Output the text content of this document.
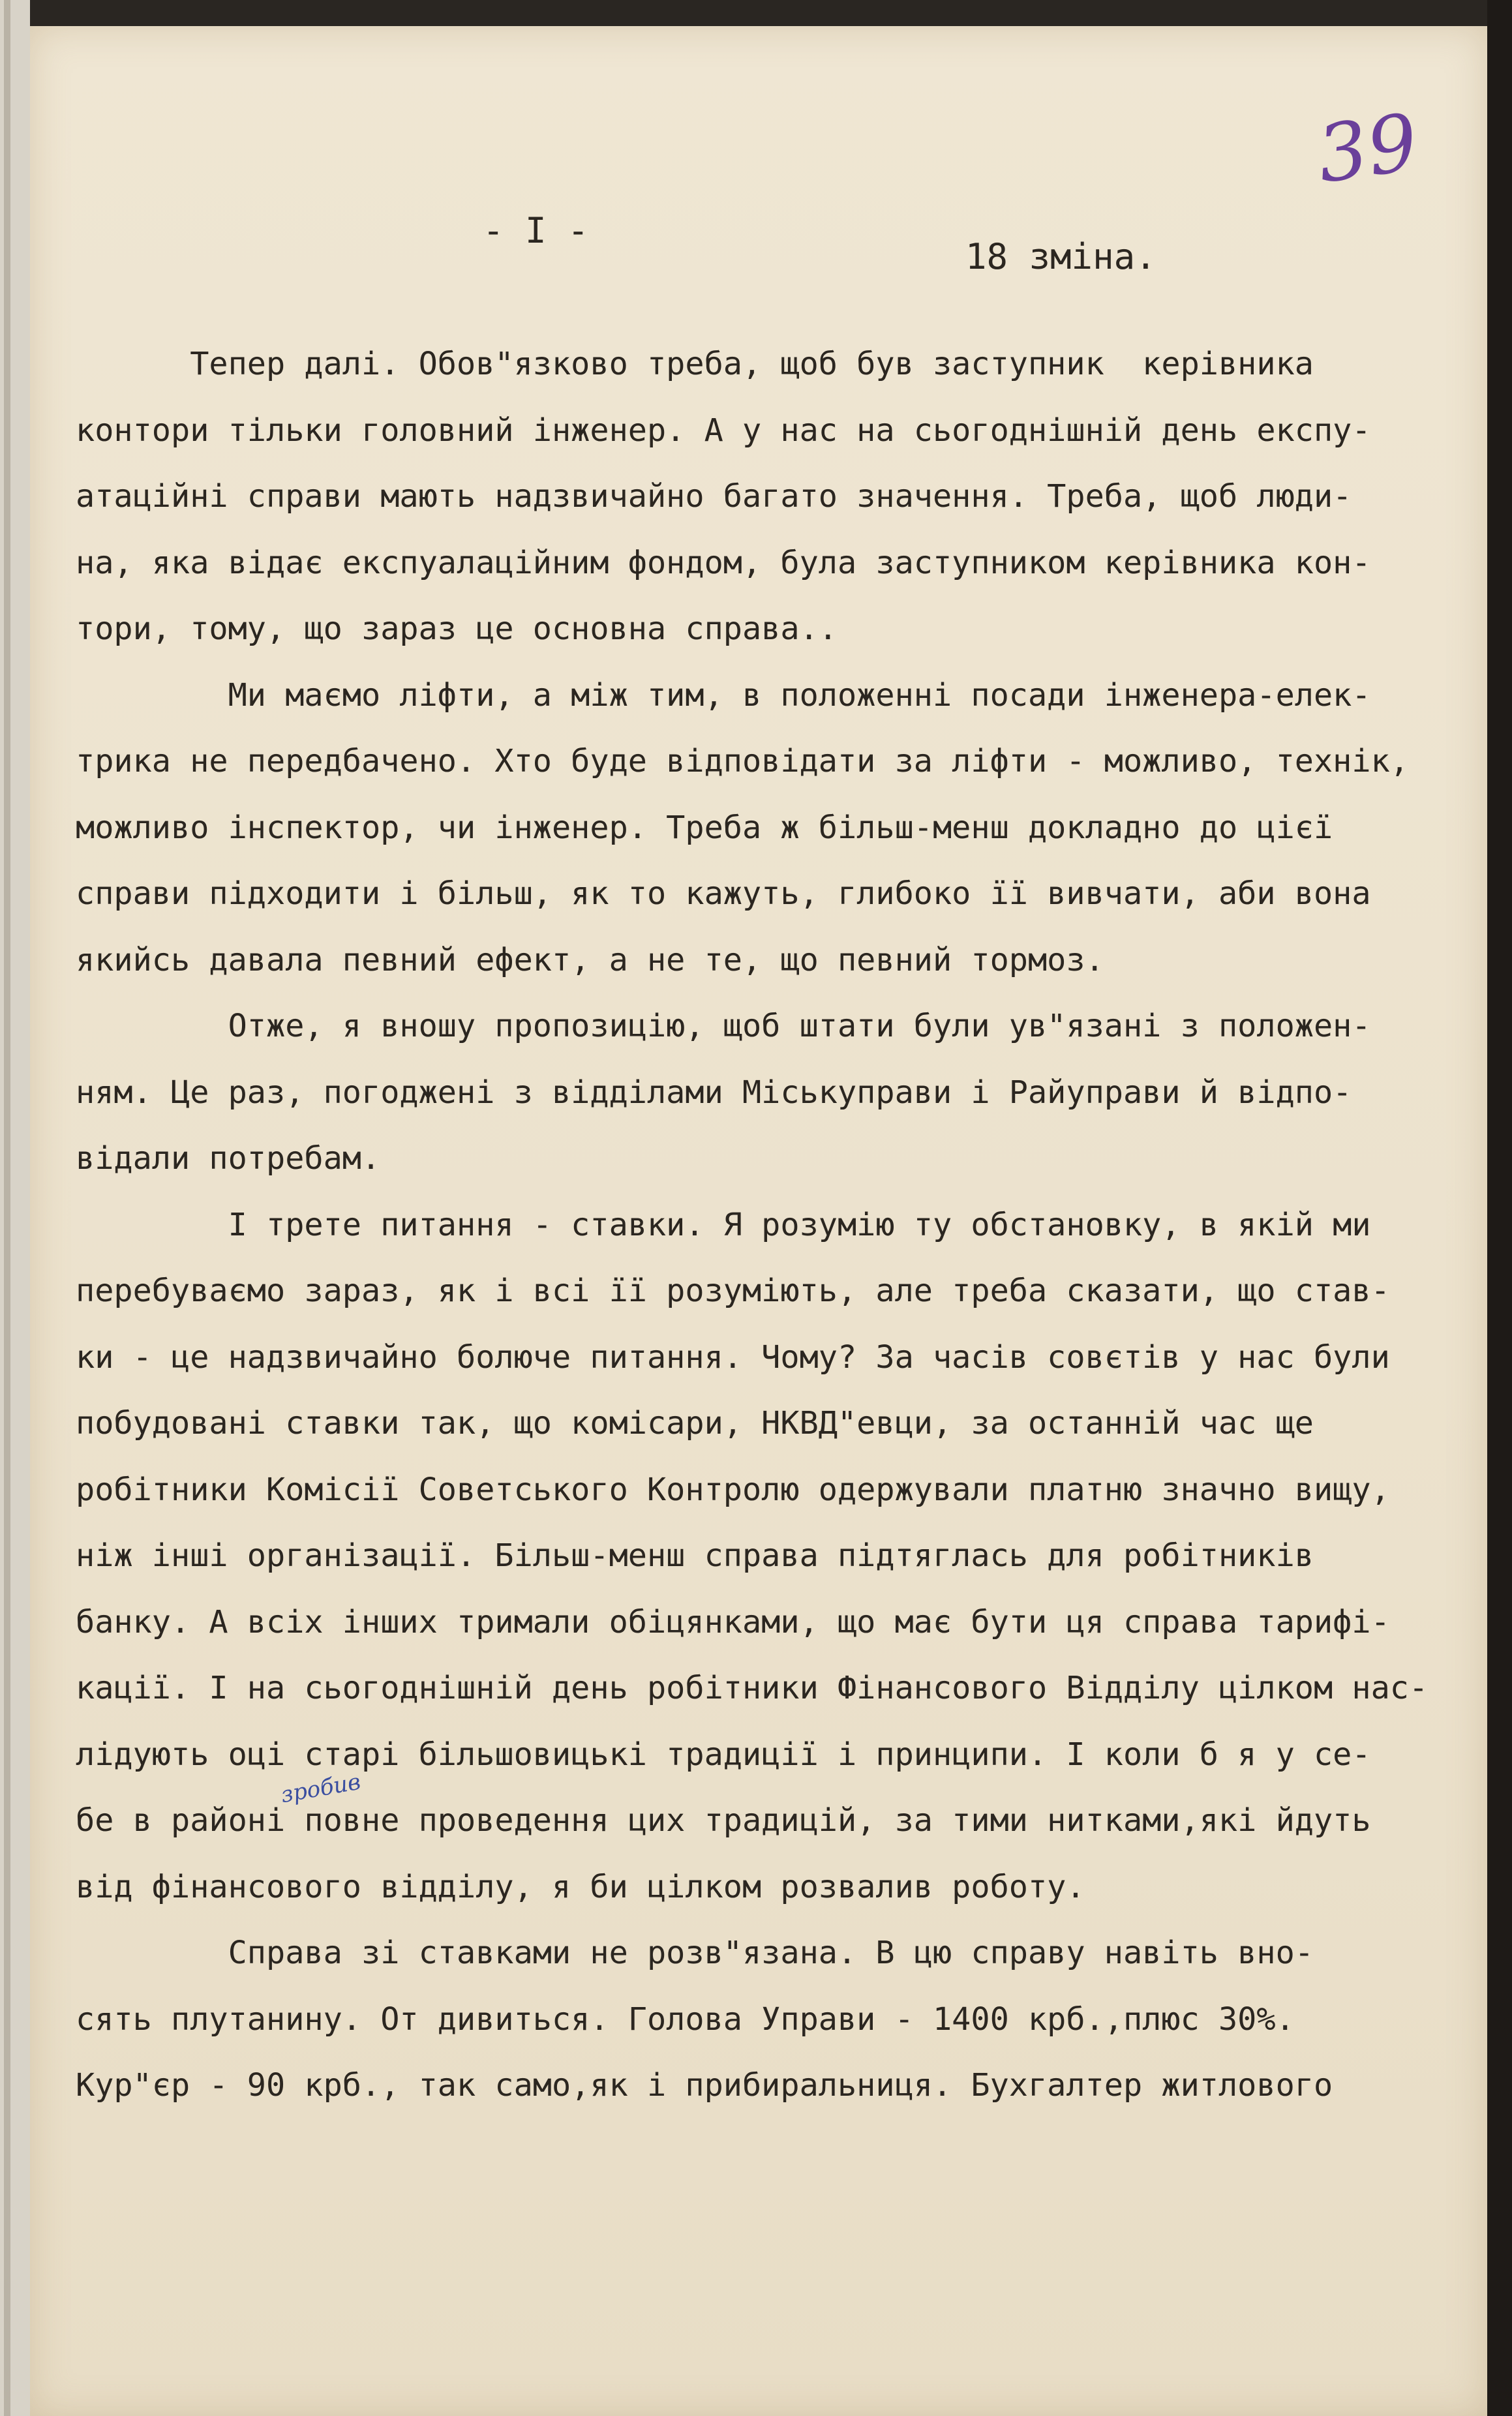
39
- I -
18 зміна.
Тепер далі. Обов"язково треба, щоб був заступник  керівника
контори тільки головний інженер. А у нас на сьогоднішній день експу-
атаційні справи мають надзвичайно багато значення. Треба, щоб люди-
на, яка відає експуалаційним фондом, була заступником керівника кон-
тори, тому, що зараз це основна справа..
Ми маємо ліфти, а між тим, в положенні посади інженера-елек-
трика не передбачено. Хто буде відповідати за ліфти - можливо, технік,
можливо інспектор, чи інженер. Треба ж більш-менш докладно до цієї
справи підходити і більш, як то кажуть, глибоко її вивчати, аби вона
якийсь давала певний ефект, а не те, що певний тормоз.
Отже, я вношу пропозицію, щоб штати були ув"язані з положен-
ням. Це раз, погоджені з відділами Міськуправи і Райуправи й відпо-
відали потребам.
І трете питання - ставки. Я розумію ту обстановку, в якій ми
перебуваємо зараз, як і всі її розуміють, але треба сказати, що став-
ки - це надзвичайно болюче питання. Чому? За часів совєтів у нас були
побудовані ставки так, що комісари, НКВД"евци, за останній час ще
робітники Комісії Советського Контролю одержували платню значно вищу,
ніж інші організації. Більш-менш справа підтяглась для робітників
банку. А всіх інших тримали обіцянками, що має бути ця справа тарифі-
кації. І на сьогоднішній день робітники Фінансового Відділу цілком нас-
лідують оці старі більшовицькі традиції і принципи. І коли б я у се-
бе в районі повне проведення цих традицій, за тими нитками,які йдуть
від фінансового відділу, я би цілком розвалив роботу.
Справа зі ставками не розв"язана. В цю справу навіть вно-
сять плутанину. От дивиться. Голова Управи - 1400 крб.,плюс 30%.
Кур"єр - 90 крб., так само,як і прибиральниця. Бухгалтер житлового
зробив
